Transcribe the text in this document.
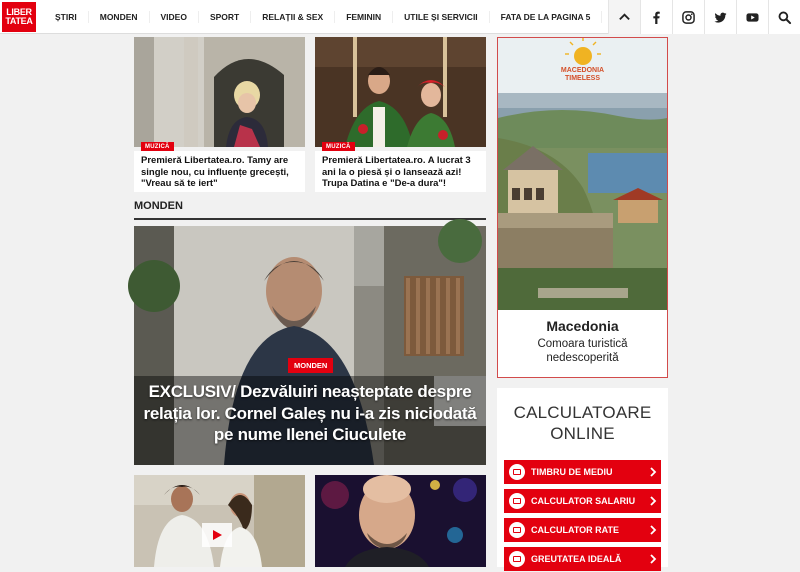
LIBER
TATEA	ȘTIRI	MONDEN	VIDEO	SPORT	RELAȚII & SEX	FEMININ	UTILE ȘI SERVICII	FATA DE LA PAGINA 5
MUZICĂ
Premieră Libertatea.ro. Tamy are single nou, cu influențe grecești, "Vreau să te iert"
MUZICĂ
Premieră Libertatea.ro. A lucrat 3 ani la o piesă și o lansează azi! Trupa Datina e "De-a dura"!
MONDEN
MONDEN
EXCLUSIV/ Dezvăluiri neașteptate despre relația lor. Cornel Galeș nu i-a zis niciodată pe nume Ilenei Ciuculete
MACEDONIA
TIMELESS
Macedonia
Comoara turistică
nedescoperită
CALCULATOARE
ONLINE
TIMBRU DE MEDIU
CALCULATOR SALARIU
CALCULATOR RATE
GREUTATEA IDEALĂ
